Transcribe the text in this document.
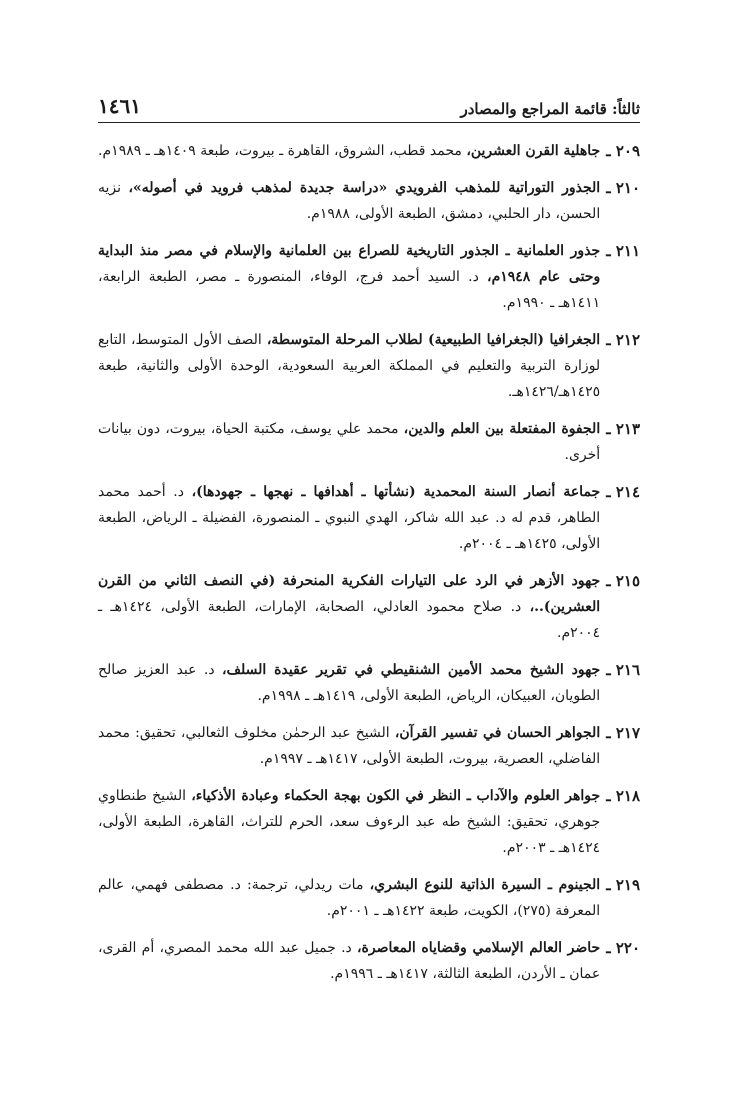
ثالثاً: قائمة المراجع والمصادر
١٤٦١
٢٠٩ ـ
جاهلية القرن العشرين، محمد قطب، الشروق، القاهرة ـ بيروت، طبعة ١٤٠٩هـ ـ ١٩٨٩م.
٢١٠ ـ
الجذور التوراتية للمذهب الفرويدي «دراسة جديدة لمذهب فرويد في أصوله»، نزيه الحسن، دار الحلبي، دمشق، الطبعة الأولى، ١٩٨٨م.
٢١١ ـ
جذور العلمانية ـ الجذور التاريخية للصراع بين العلمانية والإسلام في مصر منذ البداية وحتى عام ١٩٤٨م، د. السيد أحمد فرج، الوفاء، المنصورة ـ مصر، الطبعة الرابعة، ١٤١١هـ ـ ١٩٩٠م.
٢١٢ ـ
الجغرافيا (الجغرافيا الطبيعية) لطلاب المرحلة المتوسطة، الصف الأول المتوسط، التابع لوزارة التربية والتعليم في المملكة العربية السعودية، الوحدة الأولى والثانية، طبعة ١٤٢٥هـ/١٤٢٦هـ.
٢١٣ ـ
الجفوة المفتعلة بين العلم والدين، محمد علي يوسف، مكتبة الحياة، بيروت، دون بيانات أخرى.
٢١٤ ـ
جماعة أنصار السنة المحمدية (نشأتها ـ أهدافها ـ نهجها ـ جهودها)، د. أحمد محمد الطاهر، قدم له د. عبد الله شاكر، الهدي النبوي ـ المنصورة، الفضيلة ـ الرياض، الطبعة الأولى، ١٤٢٥هـ ـ ٢٠٠٤م.
٢١٥ ـ
جهود الأزهر في الرد على التيارات الفكرية المنحرفة (في النصف الثاني من القرن العشرين)..، د. صلاح محمود العادلي، الصحابة، الإمارات، الطبعة الأولى، ١٤٢٤هـ ـ ٢٠٠٤م.
٢١٦ ـ
جهود الشيخ محمد الأمين الشنقيطي في تقرير عقيدة السلف، د. عبد العزيز صالح الطويان، العبيكان، الرياض، الطبعة الأولى، ١٤١٩هـ ـ ١٩٩٨م.
٢١٧ ـ
الجواهر الحسان في تفسير القرآن، الشيخ عبد الرحمٰن مخلوف الثعالبي، تحقيق: محمد الفاضلي، العصرية، بيروت، الطبعة الأولى، ١٤١٧هـ ـ ١٩٩٧م.
٢١٨ ـ
جواهر العلوم والآداب ـ النظر في الكون بهجة الحكماء وعبادة الأذكياء، الشيخ طنطاوي جوهري، تحقيق: الشيخ طه عبد الرءوف سعد، الحرم للتراث، القاهرة، الطبعة الأولى، ١٤٢٤هـ ـ ٢٠٠٣م.
٢١٩ ـ
الجينوم ـ السيرة الذاتية للنوع البشري، مات ريدلي، ترجمة: د. مصطفى فهمي، عالم المعرفة (٢٧٥)، الكويت، طبعة ١٤٢٢هـ ـ ٢٠٠١م.
٢٢٠ ـ
حاضر العالم الإسلامي وقضاياه المعاصرة، د. جميل عبد الله محمد المصري، أم القرى، عمان ـ الأردن، الطبعة الثالثة، ١٤١٧هـ ـ ١٩٩٦م.
